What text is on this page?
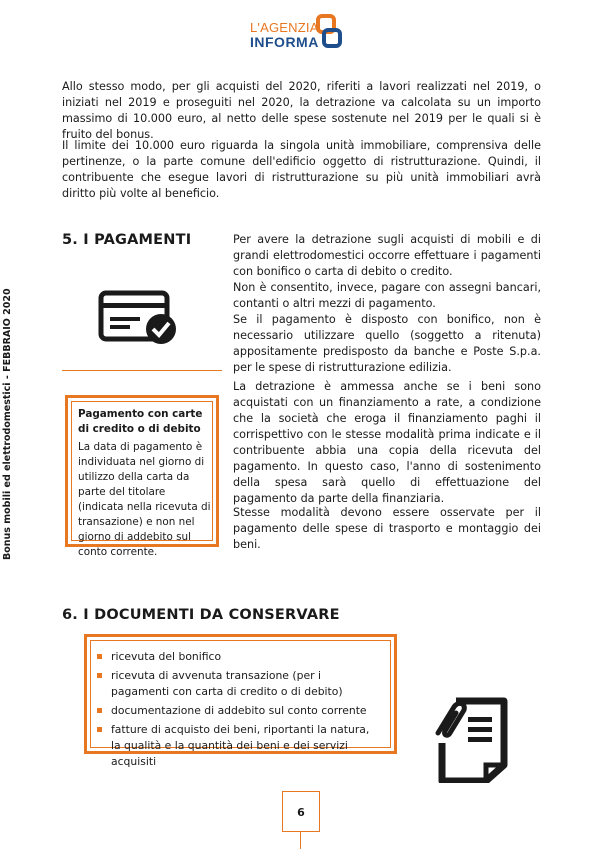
L'AGENZIA
INFORMA
Bonus mobili ed elettrodomestici - FEBBRAIO 2020

Allo stesso modo, per gli acquisti del 2020, riferiti a lavori realizzati nel 2019, o iniziati nel 2019 e proseguiti nel 2020, la detrazione va calcolata su un importo massimo di 10.000 euro, al netto delle spese sostenute nel 2019 per le quali si è fruito del bonus.

Il limite dei 10.000 euro riguarda la singola unità immobiliare, comprensiva delle pertinenze, o la parte comune dell'edificio oggetto di ristrutturazione. Quindi, il contribuente che esegue lavori di ristrutturazione su più unità immobiliari avrà diritto più volte al beneficio.

5. I PAGAMENTI

Pagamento con carte di credito o di debito

La data di pagamento è individuata nel giorno di utilizzo della carta da parte del titolare (indicata nella ricevuta di transazione) e non nel giorno di addebito sul conto corrente.

Per avere la detrazione sugli acquisti di mobili e di grandi elettrodomestici occorre effettuare i pagamenti con bonifico o carta di debito o credito.

Non è consentito, invece, pagare con assegni bancari, contanti o altri mezzi di pagamento.

Se il pagamento è disposto con bonifico, non è necessario utilizzare quello (soggetto a ritenuta) appositamente predisposto da banche e Poste S.p.a. per le spese di ristrutturazione edilizia.

La detrazione è ammessa anche se i beni sono acquistati con un finanziamento a rate, a condizione che la società che eroga il finanziamento paghi il corrispettivo con le stesse modalità prima indicate e il contribuente abbia una copia della ricevuta del pagamento. In questo caso, l'anno di sostenimento della spesa sarà quello di effettuazione del pagamento da parte della finanziaria.

Stesse modalità devono essere osservate per il pagamento delle spese di trasporto e montaggio dei beni.

6. I DOCUMENTI DA CONSERVARE
ricevuta del bonifico
ricevuta di avvenuta transazione (per i pagamenti con carta di credito o di debito)
documentazione di addebito sul conto corrente
fatture di acquisto dei beni, riportanti la natura, la qualità e la quantità dei beni e dei servizi acquisiti
6
